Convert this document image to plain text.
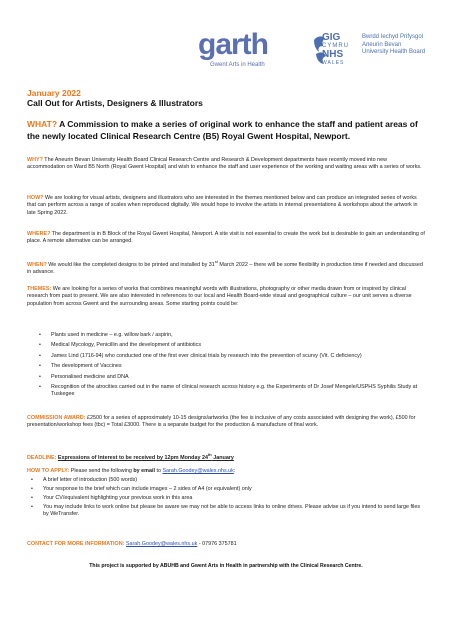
garth
Gwent Arts in Health
GIG
CYMRU
NHS
WALES
Bwrdd Iechyd Prifysgol
Aneurin Bevan
University Health Board
January 2022
Call Out for Artists, Designers & Illustrators
WHAT? A Commission to make a series of original work to enhance the staff and patient areas of the newly located Clinical Research Centre (B5) Royal Gwent Hospital, Newport.
WHY? The Aneurin Bevan University Health Board Clinical Research Centre and Research & Development departments have recently moved into new accommodation on Ward B5 North (Royal Gwent Hospital) and wish to enhance the staff and user experience of the working and waiting areas with a series of works.
HOW? We are looking for visual artists, designers and illustrators who are interested in the themes mentioned below and can produce an integrated series of works that can perform across a range of scales when reproduced digitally. We would hope to involve the artists in internal presentations & workshops about the artwork in late Spring 2022.
WHERE? The department is in B Block of the Royal Gwent Hospital, Newport. A site visit is not essential to create the work but is desirable to gain an understanding of place. A remote alternative can be arranged.
WHEN? We would like the completed designs to be printed and installed by 31st March 2022 – there will be some flexibility in production time if needed and discussed in advance.
THEMES: We are looking for a series of works that combines meaningful words with illustrations, photography or other media drawn from or inspired by clinical research from past to present. We are also interested in references to our local and Health Board-wide visual and geographical culture – our unit serves a diverse population from across Gwent and the surrounding areas. Some starting points could be:
• Plants used in medicine – e.g. willow bark / aspirin,
• Medical Mycology, Penicillin and the development of antibiotics
• James Lind (1716-94) who conducted one of the first ever clinical trials by research into the prevention of scurvy (Vit. C deficiency)
• The development of Vaccines
• Personalised medicine and DNA
• Recognition of the atrocities carried out in the name of clinical research across history e.g. the Experiments of Dr Josef Mengele/USPHS Syphilis Study at Tuskegee
COMMISSION AWARD: £2500 for a series of approximately 10-15 designs/artworks (the fee is inclusive of any costs associated with designing the work), £500 for presentation/workshop fees (tbc) = Total £3000. There is a separate budget for the production & manufacture of final work.
DEADLINE: Expressions of Interest to be received by 12pm Monday 24th January
HOW TO APPLY: Please send the following by email to Sarah.Goodey@wales.nhs.uk:
• A brief letter of introduction (500 words)
• Your response to the brief which can include images – 2 sides of A4 (or equivalent) only
• Your CV/equivalent highlighting your previous work in this area
• You may include links to work online but please be aware we may not be able to access links to online drives. Please advise us if you intend to send large files by WeTransfer.
CONTACT FOR MORE INFORMATION: Sarah.Goodey@wales.nhs.uk - 07976 375781
This project is supported by ABUHB and Gwent Arts in Health in partnership with the Clinical Research Centre.
